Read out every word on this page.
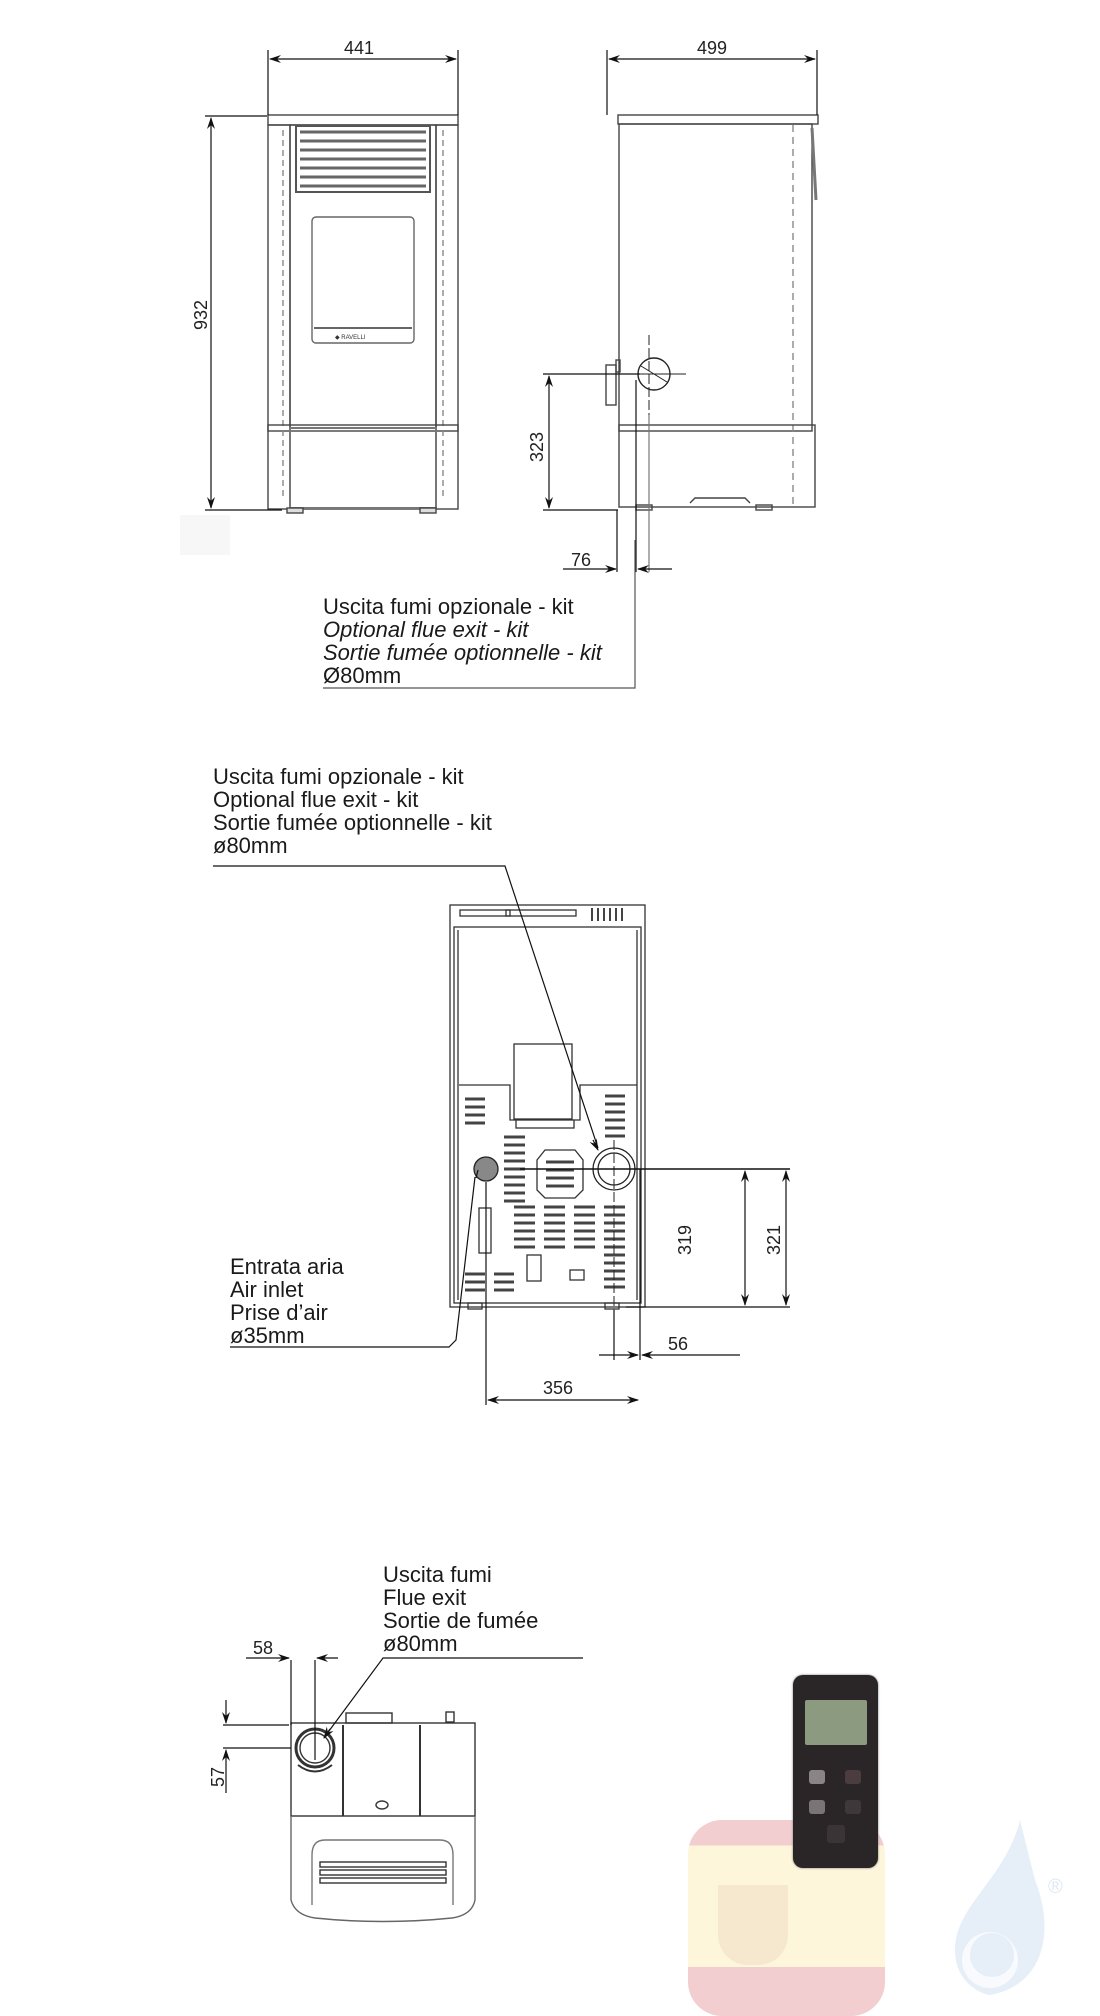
◆ RAVELLI
441
932
499
323
76
Uscita fumi opzionale - kit
Optional flue exit - kit
Sortie fumée optionnelle - kit
Ø80mm
Uscita fumi opzionale - kit
Optional flue exit - kit
Sortie fumée optionnelle - kit
ø80mm
Entrata aria
Air inlet
Prise d’air
ø35mm
319	321
56
356
Uscita fumi
Flue exit
Sortie de fumée
ø80mm
58
57
®
